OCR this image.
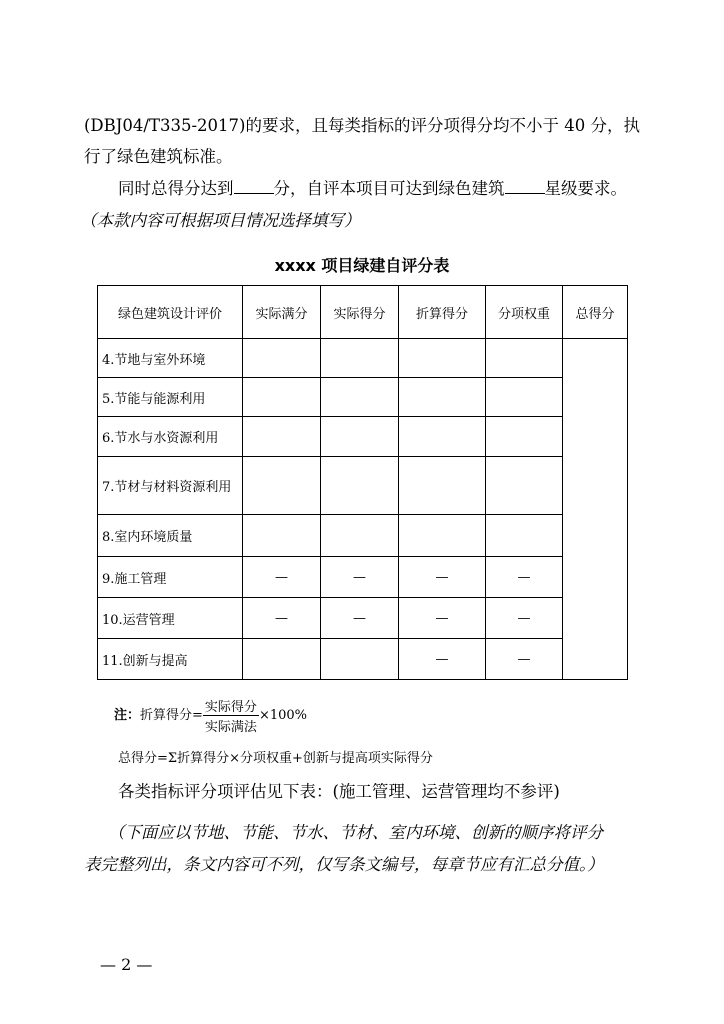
(DBJ04/T335-2017)的要求，且每类指标的评分项得分均不小于 40 分，执
行了绿色建筑标准。
同时总得分达到 分，自评本项目可达到绿色建筑 星级要求。
（本款内容可根据项目情况选择填写）
xxxx 项目绿建自评分表
绿色建筑设计评价	实际满分	实际得分	折算得分	分项权重	总得分
4.节地与室外环境					
5.节能与能源利用					
6.节水与水资源利用					
7.节材与材料资源利用					
8.室内环境质量					
9.施工管理	—	—	—	—	
10.运营管理	—	—	—	—	
11.创新与提高			—	—	
注：折算得分= $\frac{\text{实际得分}}{\text{实际满法}} \times 100\%$
总得分=Σ折算得分×分项权重+创新与提高项实际得分
各类指标评分项评估见下表：(施工管理、运营管理均不参评)
（下面应以节地、节能、节水、节材、室内环境、创新的顺序将评分
表完整列出，条文内容可不列，仅写条文编号，每章节应有汇总分值。）
— 2 —
